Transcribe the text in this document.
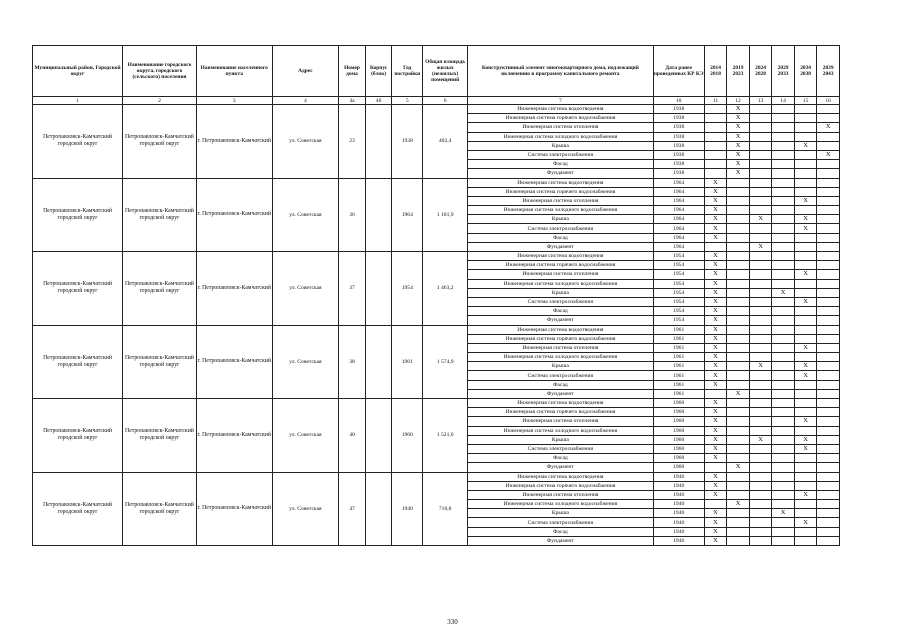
Муниципальный район, Городской округ	Наименование городского округа, городского (сельского) поселения	Наименование населенного пункта	Адрес	Номер дома	Корпус (блок)	Год постройки	Общая площадь жилых (нежилых) помещений	Конструктивный элемент многоквартирного дома, подлежащий включению в программу капитального ремонта	Дата ранее проведенных КР КЭ	2014 2018	2019 2023	2024 2028	2029 2033	2034 2038	2039 2043
1	2	3	4	4а	4б	5	6	7	10	11	12	13	14	15	16
Петропавловск-Камчатский городской округ	Петропавловск-Камчатский городской округ	г. Петропавловск-Камчатский	ул. Советская	23		1938	402,4	Инженерная система водоотведения	1938		X				
								Инженерная система горячего водоснабжения	1938		X				
								Инженерная система отопления	1938		X				X
								Инженерная система холодного водоснабжения	1938		X				
								Крыша	1938		X			X	
								Система электроснабжения	1938		X				X
								Фасад	1938		X				
								Фундамент	1938		X				
Петропавловск-Камчатский городской округ	Петропавловск-Камчатский городской округ	г. Петропавловск-Камчатский	ул. Советская	36		1964	1 181,9	Инженерная система водоотведения	1964	X					
								Инженерная система горячего водоснабжения	1964	X					
								Инженерная система отопления	1964	X				X	
								Инженерная система холодного водоснабжения	1964	X					
								Крыша	1964	X		X		X	
								Система электроснабжения	1964	X				X	
								Фасад	1964	X					
								Фундамент	1964			X			
Петропавловск-Камчатский городской округ	Петропавловск-Камчатский городской округ	г. Петропавловск-Камчатский	ул. Советская	37		1954	1 463,2	Инженерная система водоотведения	1954	X					
								Инженерная система горячего водоснабжения	1954	X					
								Инженерная система отопления	1954	X				X	
								Инженерная система холодного водоснабжения	1954	X					
								Крыша	1954	X			X		
								Система электроснабжения	1954	X				X	
								Фасад	1954	X					
								Фундамент	1954	X					
Петропавловск-Камчатский городской округ	Петропавловск-Камчатский городской округ	г. Петропавловск-Камчатский	ул. Советская	38		1961	1 574,9	Инженерная система водоотведения	1961	X					
								Инженерная система горячего водоснабжения	1961	X					
								Инженерная система отопления	1961	X				X	
								Инженерная система холодного водоснабжения	1961	X					
								Крыша	1961	X		X		X	
								Система электроснабжения	1961	X				X	
								Фасад	1961	X					
								Фундамент	1961		X				
Петропавловск-Камчатский городской округ	Петропавловск-Камчатский городской округ	г. Петропавловск-Камчатский	ул. Советская	40		1960	1 521,6	Инженерная система водоотведения	1960	X					
								Инженерная система горячего водоснабжения	1960	X					
								Инженерная система отопления	1960	X				X	
								Инженерная система холодного водоснабжения	1960	X					
								Крыша	1960	X		X		X	
								Система электроснабжения	1960	X				X	
								Фасад	1960	X					
								Фундамент	1960		X				
Петропавловск-Камчатский городской округ	Петропавловск-Камчатский городской округ	г. Петропавловск-Камчатский	ул. Советская	47		1940	710,8	Инженерная система водоотведения	1940	X					
								Инженерная система горячего водоснабжения	1940	X					
								Инженерная система отопления	1940	X				X	
								Инженерная система холодного водоснабжения	1940		X				
								Крыша	1940	X			X		
								Система электроснабжения	1940	X				X	
								Фасад	1940	X					
								Фундамент	1940	X					
330
